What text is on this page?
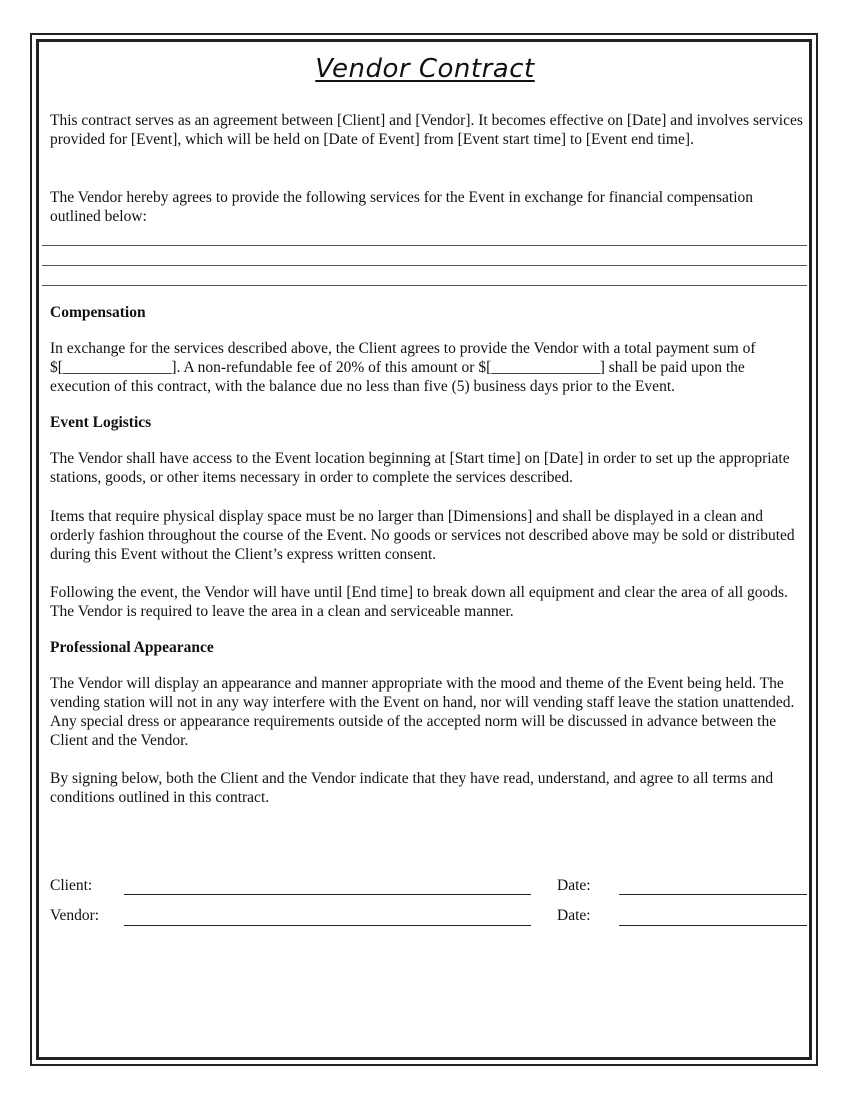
Vendor Contract

This contract serves as an agreement between [Client] and [Vendor]. It becomes effective on [Date] and involves services provided for [Event], which will be held on [Date of Event] from [Event start time] to [Event end time].

The Vendor hereby agrees to provide the following services for the Event in exchange for financial compensation outlined below:

Compensation

In exchange for the services described above, the Client agrees to provide the Vendor with a total payment sum of $[______________]. A non-refundable fee of 20% of this amount or $[______________] shall be paid upon the execution of this contract, with the balance due no less than five (5) business days prior to the Event.

Event Logistics

The Vendor shall have access to the Event location beginning at [Start time] on [Date] in order to set up the appropriate stations, goods, or other items necessary in order to complete the services described.

Items that require physical display space must be no larger than [Dimensions] and shall be displayed in a clean and orderly fashion throughout the course of the Event. No goods or services not described above may be sold or distributed during this Event without the Client’s express written consent.

Following the event, the Vendor will have until [End time] to break down all equipment and clear the area of all goods. The Vendor is required to leave the area in a clean and serviceable manner.

Professional Appearance

The Vendor will display an appearance and manner appropriate with the mood and theme of the Event being held. The vending station will not in any way interfere with the Event on hand, nor will vending staff leave the station unattended. Any special dress or appearance requirements outside of the accepted norm will be discussed in advance between the Client and the Vendor.

By signing below, both the Client and the Vendor indicate that they have read, understand, and agree to all terms and conditions outlined in this contract.

Client:	Date:
Vendor:	Date:
